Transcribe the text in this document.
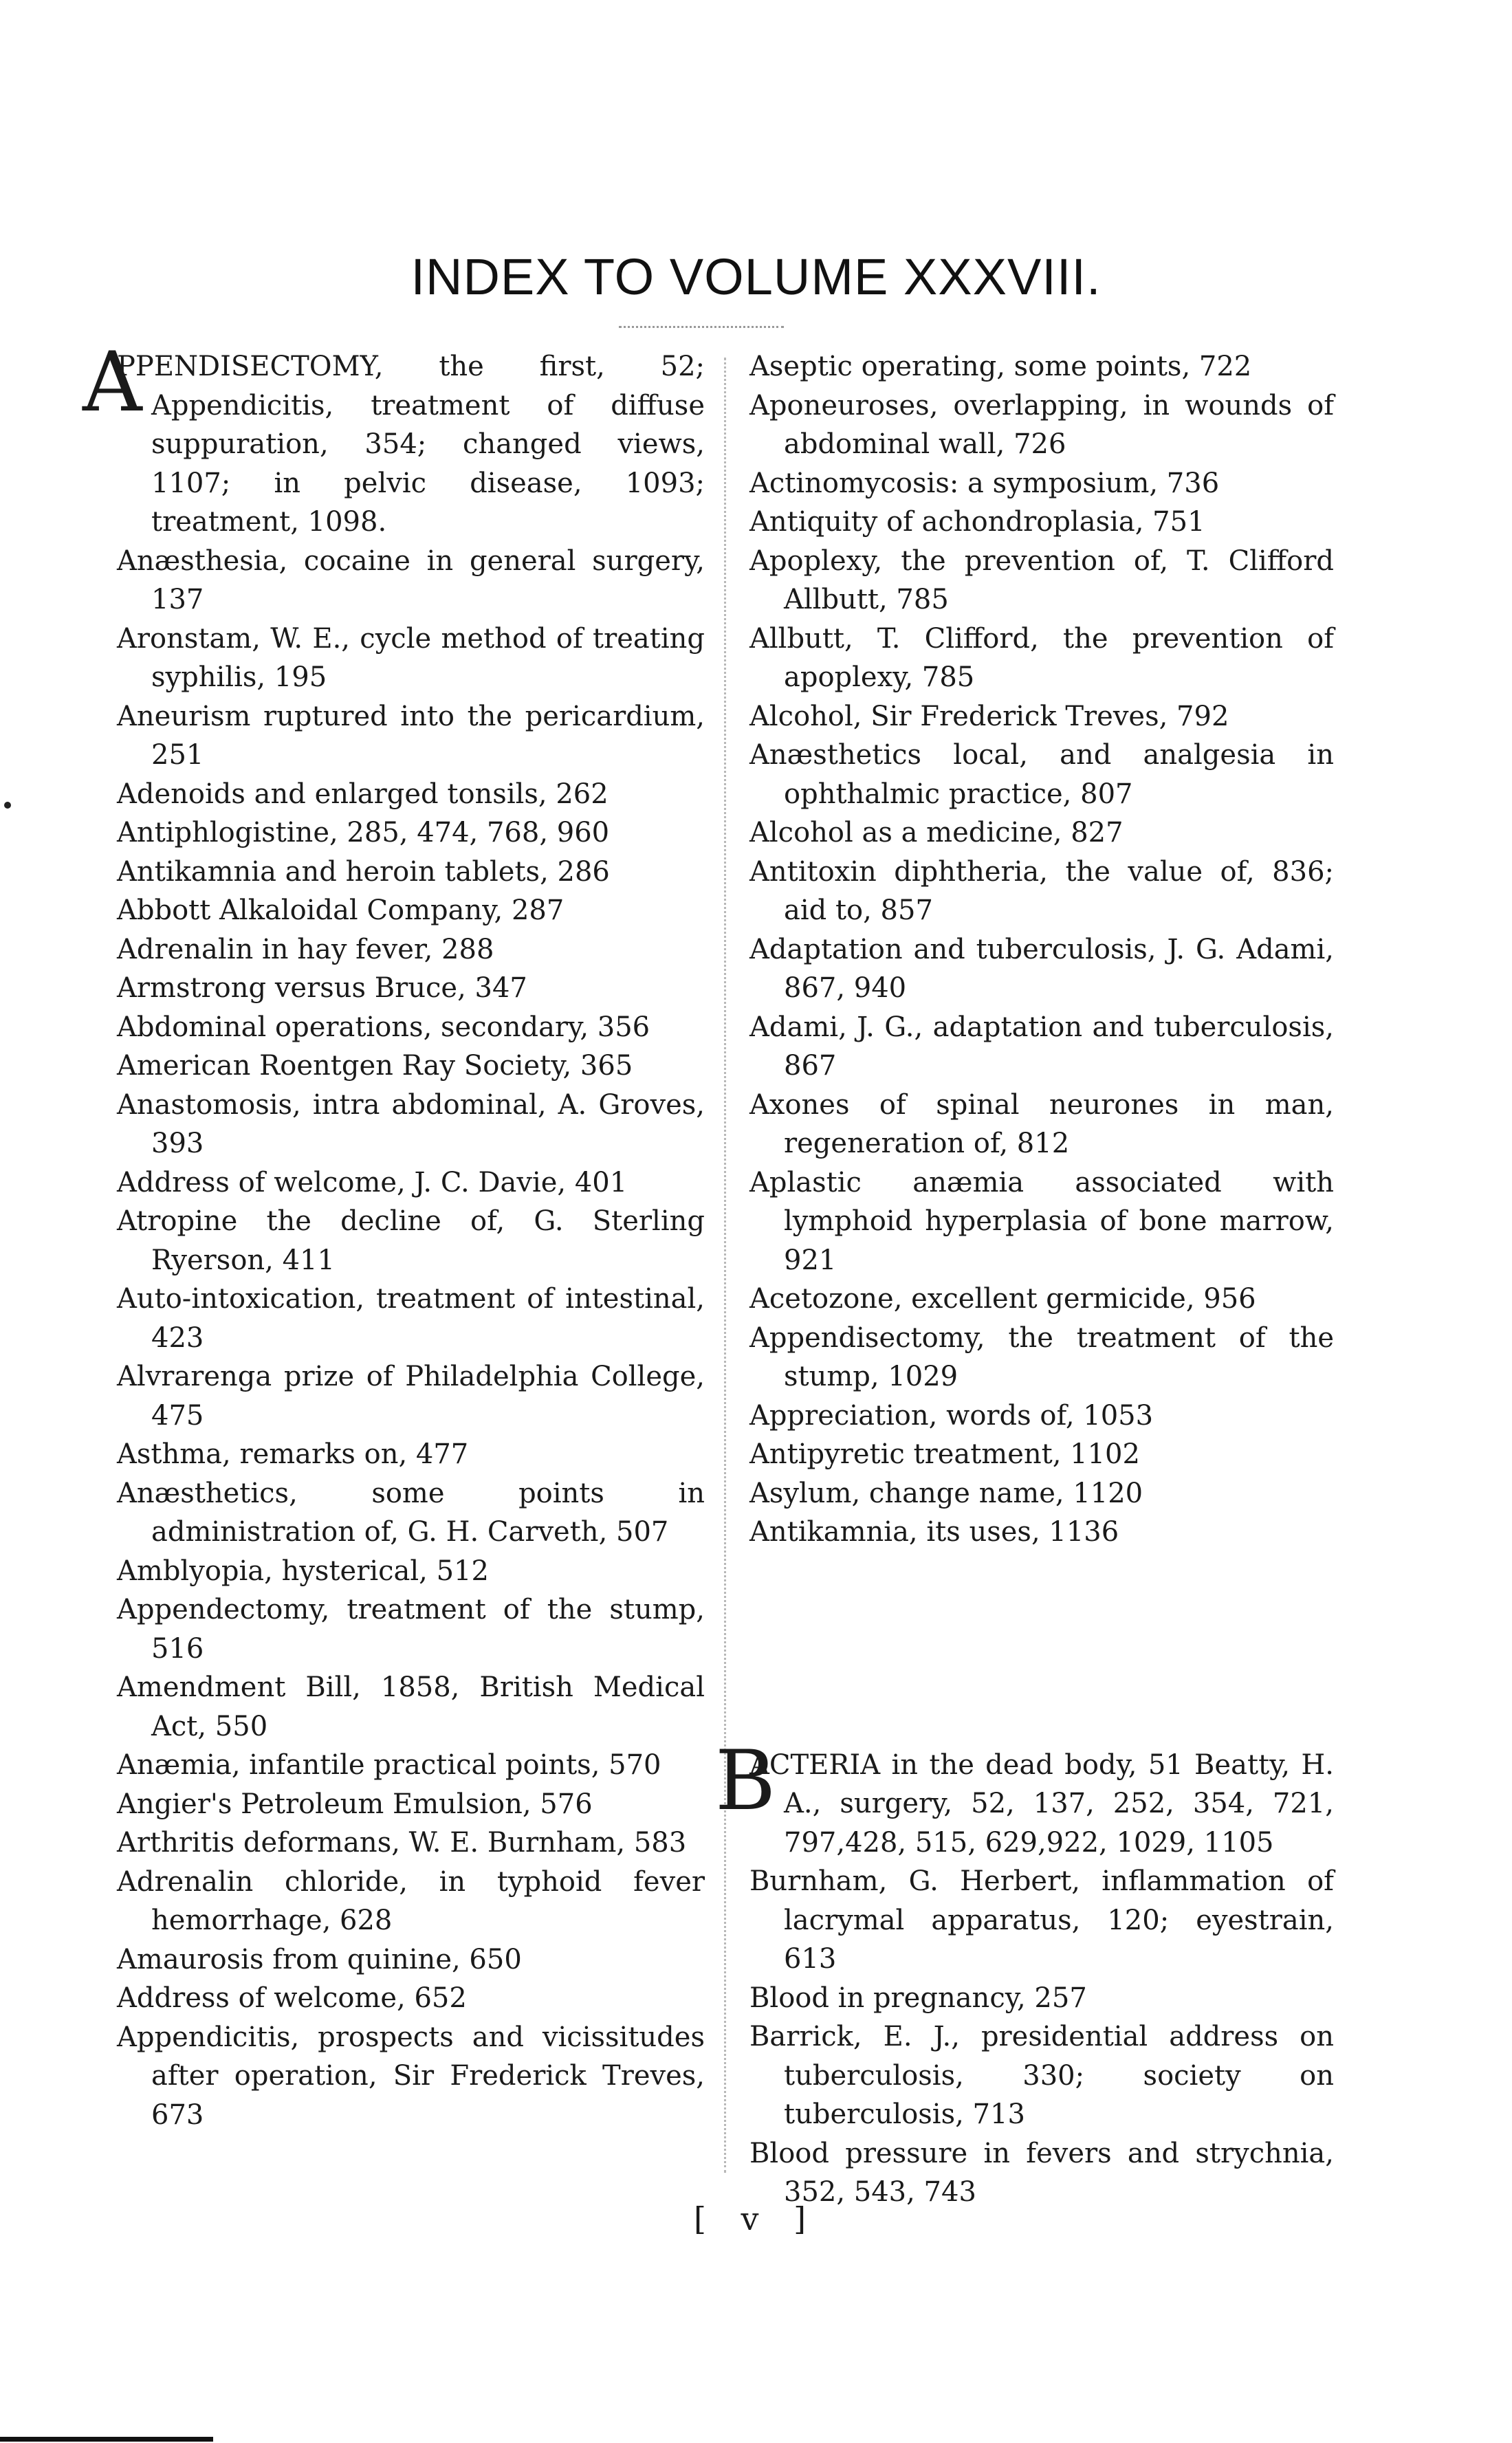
INDEX TO VOLUME XXXVIII.
A
PPENDISECTOMY, the first, 52; Appendicitis, treatment of diffuse suppuration, 354; changed views, 1107; in pelvic disease, 1093; treatment, 1098.
Anæsthesia, cocaine in general surgery, 137
Aronstam, W. E., cycle method of treating syphilis, 195
Aneurism ruptured into the pericardium, 251
Adenoids and enlarged tonsils, 262
Antiphlogistine, 285, 474, 768, 960
Antikamnia and heroin tablets, 286
Abbott Alkaloidal Company, 287
Adrenalin in hay fever, 288
Armstrong versus Bruce, 347
Abdominal operations, secondary, 356
American Roentgen Ray Society, 365
Anastomosis, intra abdominal, A. Groves, 393
Address of welcome, J. C. Davie, 401
Atropine the decline of, G. Sterling Ryerson, 411
Auto-intoxication, treatment of intestinal, 423
Alvrarenga prize of Philadelphia College, 475
Asthma, remarks on, 477
Anæsthetics, some points in administration of, G. H. Carveth, 507
Amblyopia, hysterical, 512
Appendectomy, treatment of the stump, 516
Amendment Bill, 1858, British Medical Act, 550
Anæmia, infantile practical points, 570
Angier's Petroleum Emulsion, 576
Arthritis deformans, W. E. Burnham, 583
Adrenalin chloride, in typhoid fever hemorrhage, 628
Amaurosis from quinine, 650
Address of welcome, 652
Appendicitis, prospects and vicissitudes after operation, Sir Frederick Treves, 673
Aseptic operating, some points, 722
Aponeuroses, overlapping, in wounds of abdominal wall, 726
Actinomycosis: a symposium, 736
Antiquity of achondroplasia, 751
Apoplexy, the prevention of, T. Clifford Allbutt, 785
Allbutt, T. Clifford, the prevention of apoplexy, 785
Alcohol, Sir Frederick Treves, 792
Anæsthetics local, and analgesia in ophthalmic practice, 807
Alcohol as a medicine, 827
Antitoxin diphtheria, the value of, 836; aid to, 857
Adaptation and tuberculosis, J. G. Adami, 867, 940
Adami, J. G., adaptation and tuberculosis, 867
Axones of spinal neurones in man, regeneration of, 812
Aplastic anæmia associated with lymphoid hyperplasia of bone marrow, 921
Acetozone, excellent germicide, 956
Appendisectomy, the treatment of the stump, 1029
Appreciation, words of, 1053
Antipyretic treatment, 1102
Asylum, change name, 1120
Antikamnia, its uses, 1136
B
ACTERIA in the dead body, 51 Beatty, H. A., surgery, 52, 137, 252, 354, 721, 797,428, 515, 629,922, 1029, 1105
Burnham, G. Herbert, inflammation of lacrymal apparatus, 120; eyestrain, 613
Blood in pregnancy, 257
Barrick, E. J., presidential address on tuberculosis, 330; society on tuberculosis, 713
Blood pressure in fevers and strychnia, 352, 543, 743
[ v ]
